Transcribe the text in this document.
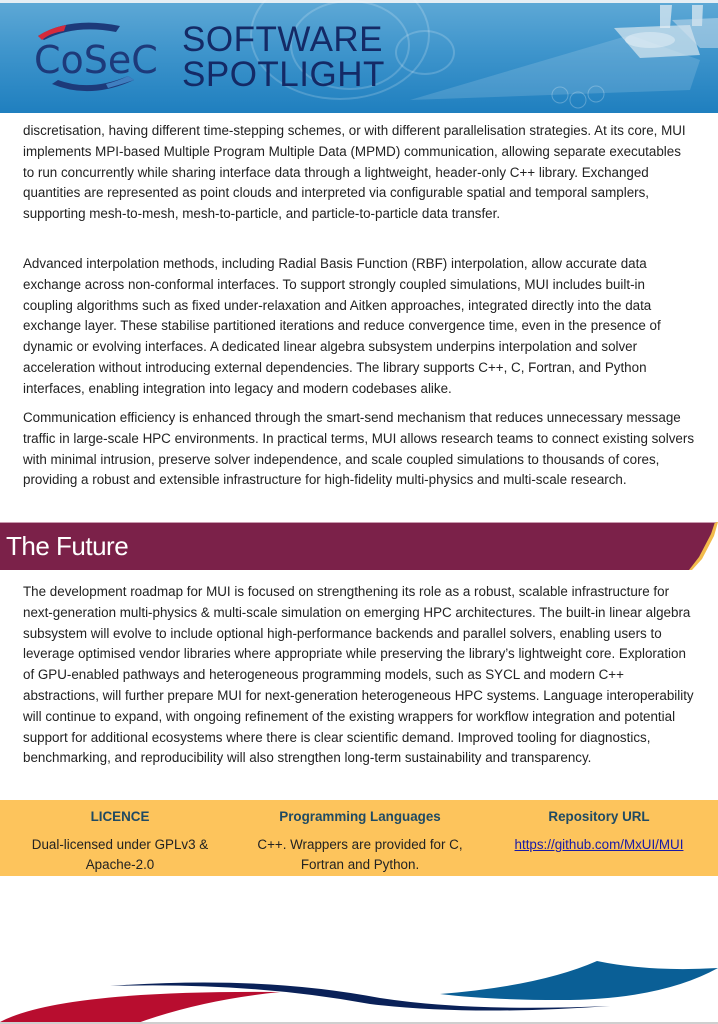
CoSeC SOFTWARE
SPOTLIGHT

discretisation, having different time-stepping schemes, or with different parallelisation strategies. At its core, MUI implements MPI-based Multiple Program Multiple Data (MPMD) communication, allowing separate executables to run concurrently while sharing interface data through a lightweight, header-only C++ library. Exchanged quantities are represented as point clouds and interpreted via configurable spatial and temporal samplers, supporting mesh-to-mesh, mesh-to-particle, and particle-to-particle data transfer.

Advanced interpolation methods, including Radial Basis Function (RBF) interpolation, allow accurate data exchange across non-conformal interfaces. To support strongly coupled simulations, MUI includes built-in coupling algorithms such as fixed under-relaxation and Aitken approaches, integrated directly into the data exchange layer. These stabilise partitioned iterations and reduce convergence time, even in the presence of dynamic or evolving interfaces. A dedicated linear algebra subsystem underpins interpolation and solver acceleration without introducing external dependencies. The library supports C++, C, Fortran, and Python interfaces, enabling integration into legacy and modern codebases alike.

Communication efficiency is enhanced through the smart-send mechanism that reduces unnecessary message traffic in large-scale HPC environments. In practical terms, MUI allows research teams to connect existing solvers with minimal intrusion, preserve solver independence, and scale coupled simulations to thousands of cores, providing a robust and extensible infrastructure for high-fidelity multi-physics and multi-scale research.

The Future

The development roadmap for MUI is focused on strengthening its role as a robust, scalable infrastructure for next-generation multi-physics & multi-scale simulation on emerging HPC architectures. The built-in linear algebra subsystem will evolve to include optional high-performance backends and parallel solvers, enabling users to leverage optimised vendor libraries where appropriate while preserving the library’s lightweight core. Exploration of GPU-enabled pathways and heterogeneous programming models, such as SYCL and modern C++ abstractions, will further prepare MUI for next-generation heterogeneous HPC systems. Language interoperability will continue to expand, with ongoing refinement of the existing wrappers for workflow integration and potential support for additional ecosystems where there is clear scientific demand. Improved tooling for diagnostics, benchmarking, and reproducibility will also strengthen long-term sustainability and transparency.

LICENCE
Dual-licensed under GPLv3 &
Apache-2.0
Programming Languages
C++. Wrappers are provided for C,
Fortran and Python.
Repository URL
https://github.com/MxUI/MUI
